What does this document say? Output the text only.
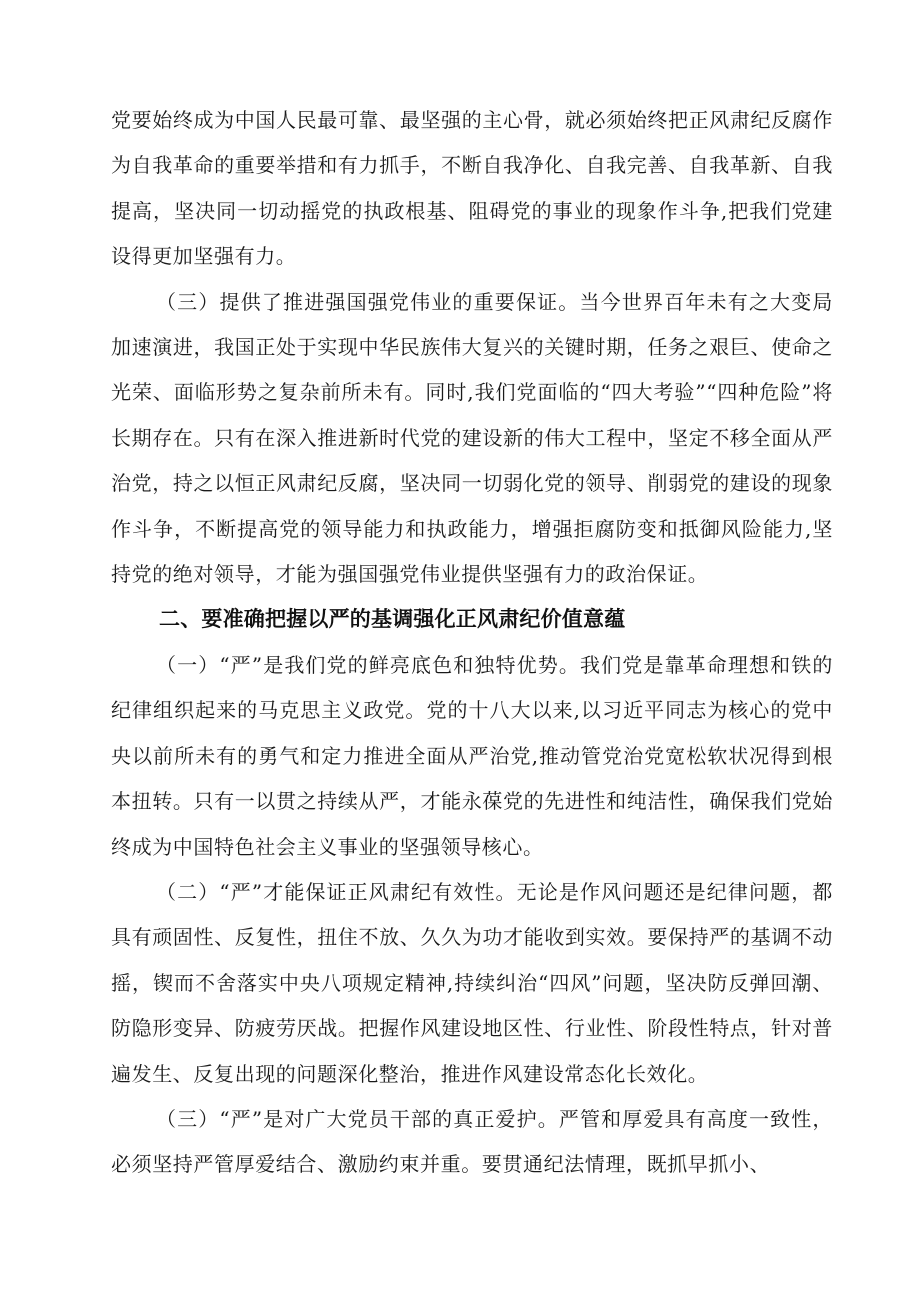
党要始终成为中国人民最可靠、最坚强的主心骨，就必须始终把正风肃纪反腐作为自我革命的重要举措和有力抓手，不断自我净化、自我完善、自我革新、自我提高，坚决同一切动摇党的执政根基、阻碍党的事业的现象作斗争,把我们党建设得更加坚强有力。

（三）提供了推进强国强党伟业的重要保证。当今世界百年未有之大变局加速演进，我国正处于实现中华民族伟大复兴的关键时期，任务之艰巨、使命之光荣、面临形势之复杂前所未有。同时,我们党面临的“四大考验”“四种危险”将长期存在。只有在深入推进新时代党的建设新的伟大工程中，坚定不移全面从严治党，持之以恒正风肃纪反腐，坚决同一切弱化党的领导、削弱党的建设的现象作斗争，不断提高党的领导能力和执政能力，增强拒腐防变和抵御风险能力,坚持党的绝对领导，才能为强国强党伟业提供坚强有力的政治保证。

二、要准确把握以严的基调强化正风肃纪价值意蕴

（一）“严”是我们党的鲜亮底色和独特优势。我们党是靠革命理想和铁的纪律组织起来的马克思主义政党。党的十八大以来,以习近平同志为核心的党中央以前所未有的勇气和定力推进全面从严治党,推动管党治党宽松软状况得到根本扭转。只有一以贯之持续从严，才能永葆党的先进性和纯洁性，确保我们党始终成为中国特色社会主义事业的坚强领导核心。

（二）“严”才能保证正风肃纪有效性。无论是作风问题还是纪律问题，都具有顽固性、反复性，扭住不放、久久为功才能收到实效。要保持严的基调不动摇，锲而不舍落实中央八项规定精神,持续纠治“四风”问题，坚决防反弹回潮、防隐形变异、防疲劳厌战。把握作风建设地区性、行业性、阶段性特点，针对普遍发生、反复出现的问题深化整治，推进作风建设常态化长效化。

（三）“严”是对广大党员干部的真正爱护。严管和厚爱具有高度一致性，必须坚持严管厚爱结合、激励约束并重。要贯通纪法情理，既抓早抓小、
